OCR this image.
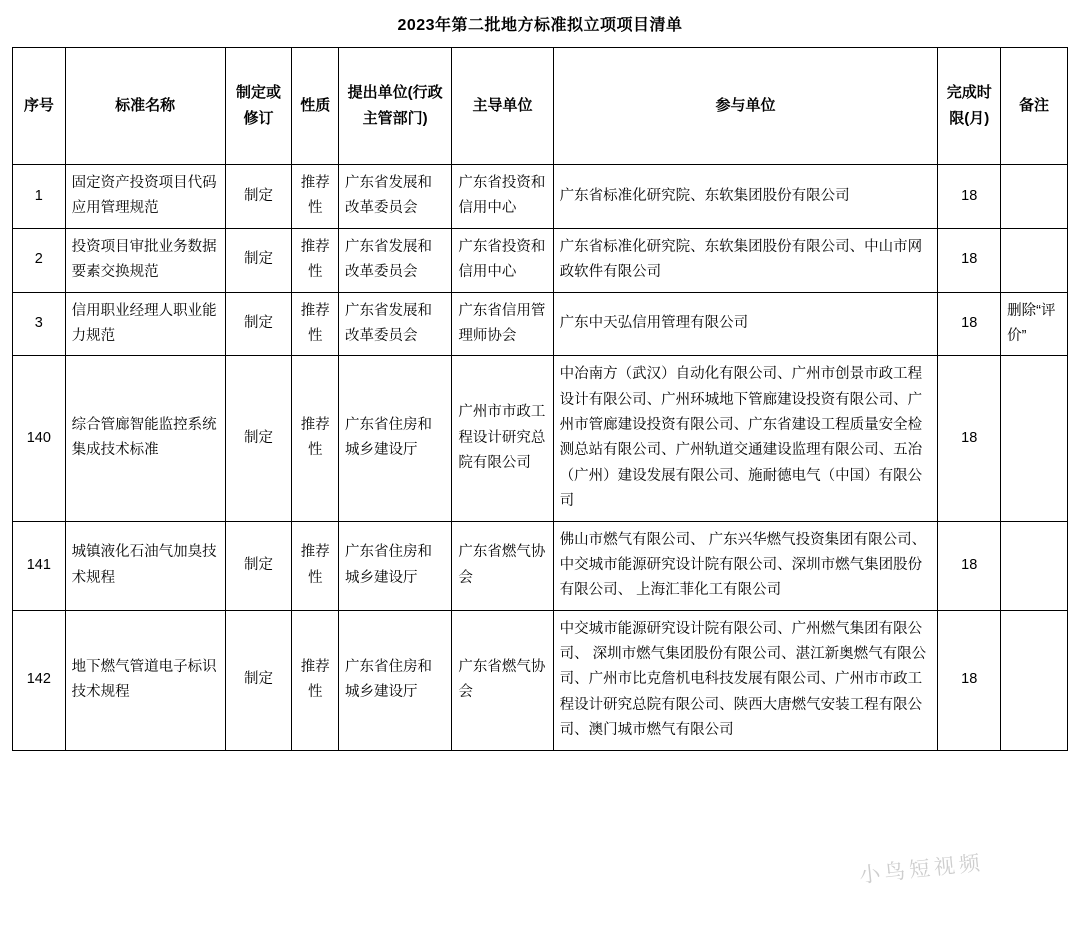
2023年第二批地方标准拟立项项目清单
序号	标准名称	制定或修订	性质	提出单位(行政主管部门)	主导单位	参与单位	完成时限(月)	备注
1	固定资产投资项目代码应用管理规范	制定	推荐性	广东省发展和改革委员会	广东省投资和信用中心	广东省标准化研究院、东软集团股份有限公司	18	
2	投资项目审批业务数据要素交换规范	制定	推荐性	广东省发展和改革委员会	广东省投资和信用中心	广东省标准化研究院、东软集团股份有限公司、中山市网政软件有限公司	18	
3	信用职业经理人职业能力规范	制定	推荐性	广东省发展和改革委员会	广东省信用管理师协会	广东中天弘信用管理有限公司	18	删除“评价”
140	综合管廊智能监控系统集成技术标准	制定	推荐性	广东省住房和城乡建设厅	广州市市政工程设计研究总院有限公司	中冶南方（武汉）自动化有限公司、广州市创景市政工程设计有限公司、广州环城地下管廊建设投资有限公司、广州市管廊建设投资有限公司、广东省建设工程质量安全检测总站有限公司、广州轨道交通建设监理有限公司、五冶（广州）建设发展有限公司、施耐德电气（中国）有限公司	18	
141	城镇液化石油气加臭技术规程	制定	推荐性	广东省住房和城乡建设厅	广东省燃气协会	佛山市燃气有限公司、 广东兴华燃气投资集团有限公司、中交城市能源研究设计院有限公司、深圳市燃气集团股份有限公司、 上海汇菲化工有限公司	18	
142	地下燃气管道电子标识技术规程	制定	推荐性	广东省住房和城乡建设厅	广东省燃气协会	中交城市能源研究设计院有限公司、广州燃气集团有限公司、 深圳市燃气集团股份有限公司、湛江新奥燃气有限公司、广州市比克詹机电科技发展有限公司、广州市市政工程设计研究总院有限公司、陕西大唐燃气安装工程有限公司、澳门城市燃气有限公司	18	
小鸟短视频
